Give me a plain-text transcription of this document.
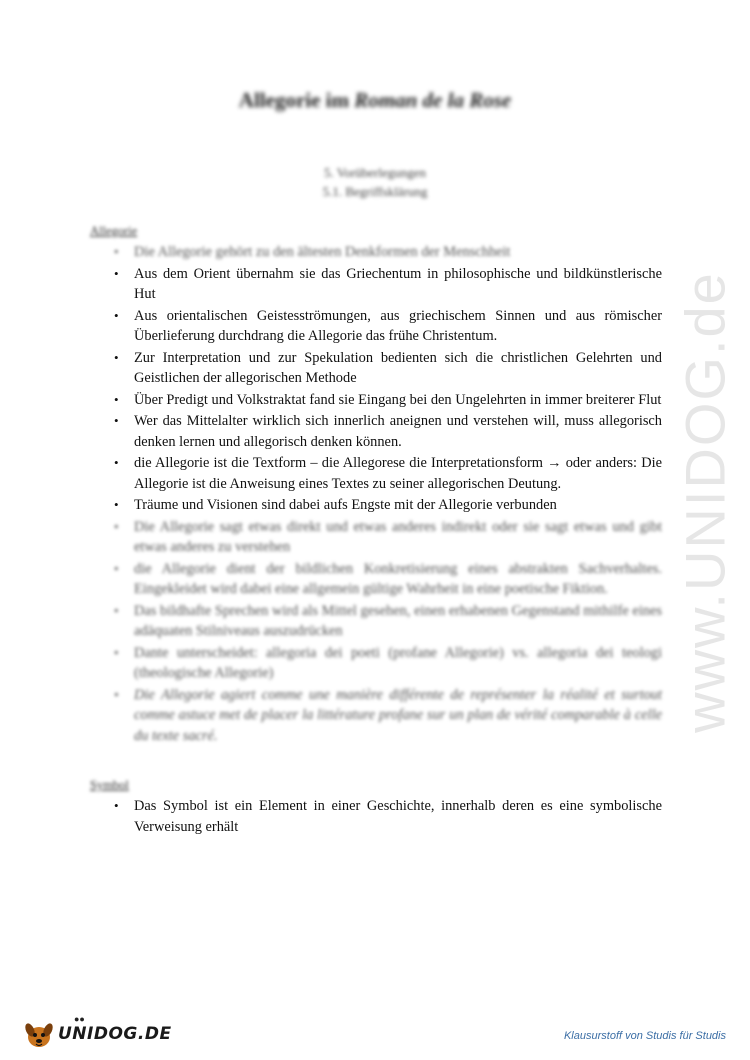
www.UNIDOG.de
Allegorie im Roman de la Rose
5. Vorüberlegungen
5.1. Begriffsklärung
Allegorie
• Die Allegorie gehört zu den ältesten Denkformen der Menschheit
• Aus dem Orient übernahm sie das Griechentum in philosophische und bildkünstlerische Hut
• Aus orientalischen Geistesströmungen, aus griechischem Sinnen und aus römischer Überlieferung durchdrang die Allegorie das frühe Christentum.
• Zur Interpretation und zur Spekulation bedienten sich die christlichen Gelehrten und Geistlichen der allegorischen Methode
• Über Predigt und Volkstraktat fand sie Eingang bei den Ungelehrten in immer breiterer Flut
• Wer das Mittelalter wirklich sich innerlich aneignen und verstehen will, muss allegorisch denken lernen und allegorisch denken können.
• die Allegorie ist die Textform – die Allegorese die Interpretationsform → oder anders: Die Allegorie ist die Anweisung eines Textes zu seiner allegorischen Deutung.
• Träume und Visionen sind dabei aufs Engste mit der Allegorie verbunden
• Die Allegorie sagt etwas direkt und etwas anderes indirekt oder sie sagt etwas und gibt etwas anderes zu verstehen
• die Allegorie dient der bildlichen Konkretisierung eines abstrakten Sachverhaltes. Eingekleidet wird dabei eine allgemein gültige Wahrheit in eine poetische Fiktion.
• Das bildhafte Sprechen wird als Mittel gesehen, einen erhabenen Gegenstand mithilfe eines adäquaten Stilniveaus auszudrücken
• Dante unterscheidet: allegoria dei poeti (profane Allegorie) vs. allegoria dei teologi (theologische Allegorie)
• Die Allegorie agiert comme une manière différente de représenter la réalité et surtout comme astuce met de placer la littérature profane sur un plan de vérité comparable à celle du texte sacré.
Symbol
• Das Symbol ist ein Element in einer Geschichte, innerhalb deren es eine symbolische Verweisung erhält
●●
UNIDOG.DE	Klausurstoff von Studis für Studis
